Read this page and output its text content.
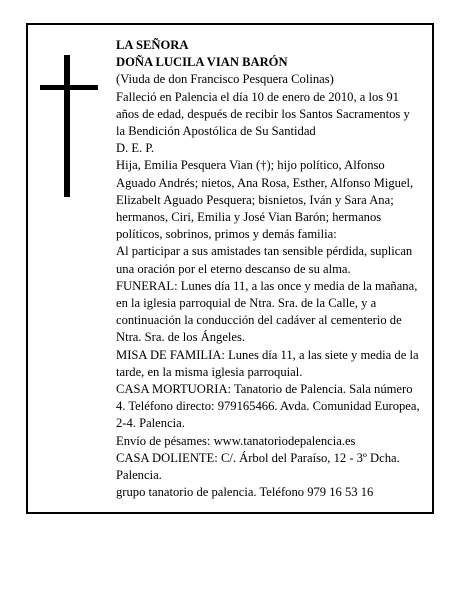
LA SEÑORA

DOÑA LUCILA VIAN BARÓN

(Viuda de don Francisco Pesquera Colinas)

Falleció en Palencia el día 10 de enero de 2010, a los 91 años de edad, después de recibir los Santos Sacramentos y la Bendición Apostólica de Su Santidad

D. E. P.

Hija, Emilia Pesquera Vian (†); hijo político, Alfonso Aguado Andrés; nietos, Ana Rosa, Esther, Alfonso Miguel, Elizabelt Aguado Pesquera; bisnietos, Iván y Sara Ana; hermanos, Ciri, Emilia y José Vian Barón; hermanos políticos, sobrinos, primos y demás familia:

Al participar a sus amistades tan sensible pérdida, suplican una oración por el eterno descanso de su alma.

FUNERAL: Lunes día 11, a las once y media de la mañana, en la iglesia parroquial de Ntra. Sra. de la Calle, y a continuación la conducción del cadáver al cementerio de Ntra. Sra. de los Ángeles.

MISA DE FAMILIA: Lunes día 11, a las siete y media de la tarde, en la misma iglesia parroquial.

CASA MORTUORIA: Tanatorio de Palencia. Sala número 4. Teléfono directo: 979165466. Avda. Comunidad Europea, 2-4. Palencia.

Envío de pésames: www.tanatoriodepalencia.es

CASA DOLIENTE: C/. Árbol del Paraíso, 12 - 3º Dcha. Palencia.

grupo tanatorio de palencia. Teléfono 979 16 53 16
